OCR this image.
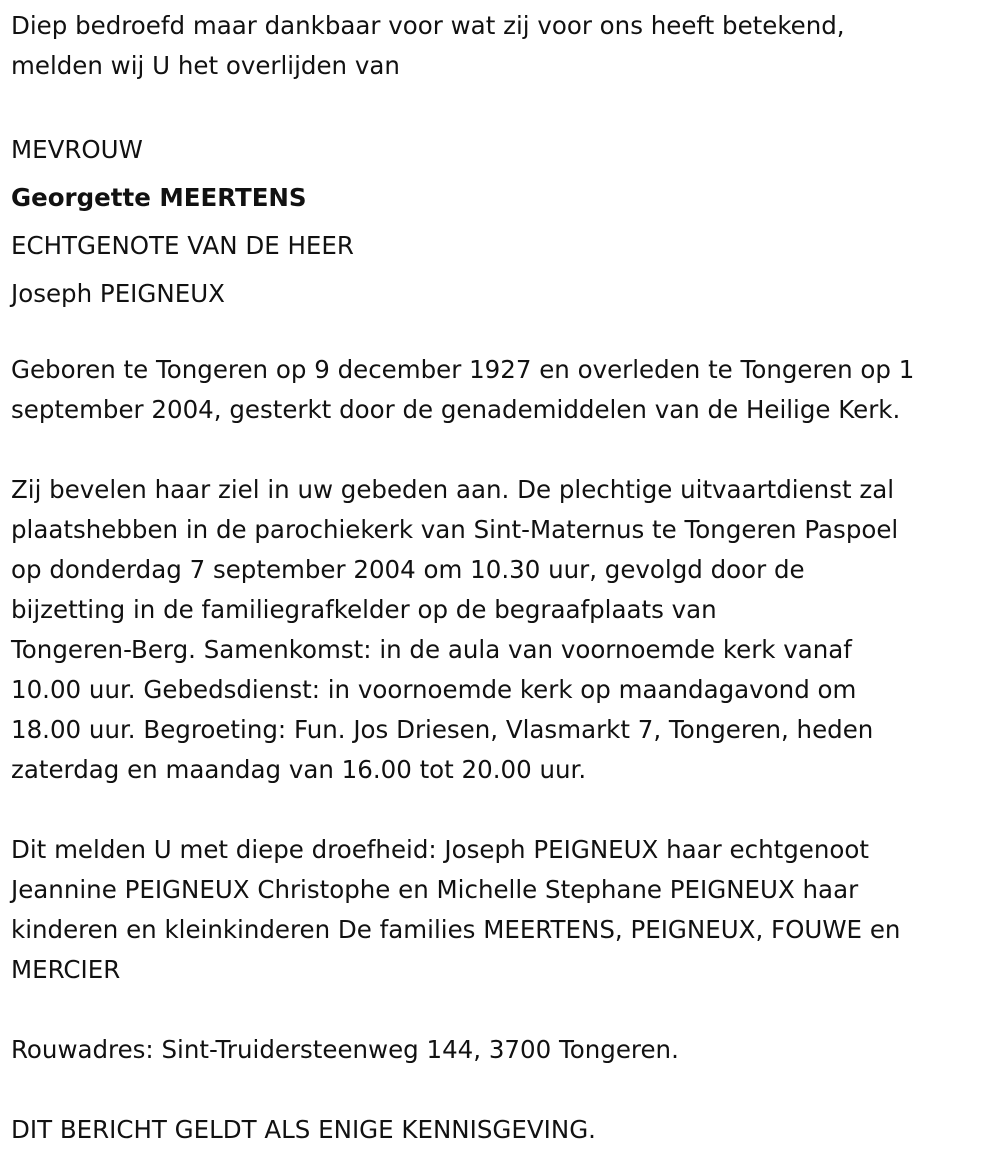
Diep bedroefd maar dankbaar voor wat zij voor ons heeft betekend,
melden wij U het overlijden van

MEVROUW
Georgette MEERTENS
ECHTGENOTE VAN DE HEER
Joseph PEIGNEUX

Geboren te Tongeren op 9 december 1927 en overleden te Tongeren op 1
september 2004, gesterkt door de genademiddelen van de Heilige Kerk.

Zij bevelen haar ziel in uw gebeden aan. De plechtige uitvaartdienst zal
plaatshebben in de parochiekerk van Sint-Maternus te Tongeren Paspoel
op donderdag 7 september 2004 om 10.30 uur, gevolgd door de
bijzetting in de familiegrafkelder op de begraafplaats van
Tongeren-Berg. Samenkomst: in de aula van voornoemde kerk vanaf
10.00 uur. Gebedsdienst: in voornoemde kerk op maandagavond om
18.00 uur. Begroeting: Fun. Jos Driesen, Vlasmarkt 7, Tongeren, heden
zaterdag en maandag van 16.00 tot 20.00 uur.

Dit melden U met diepe droefheid: Joseph PEIGNEUX haar echtgenoot
Jeannine PEIGNEUX Christophe en Michelle Stephane PEIGNEUX haar
kinderen en kleinkinderen De families MEERTENS, PEIGNEUX, FOUWE en
MERCIER

Rouwadres: Sint-Truidersteenweg 144, 3700 Tongeren.

DIT BERICHT GELDT ALS ENIGE KENNISGEVING.
